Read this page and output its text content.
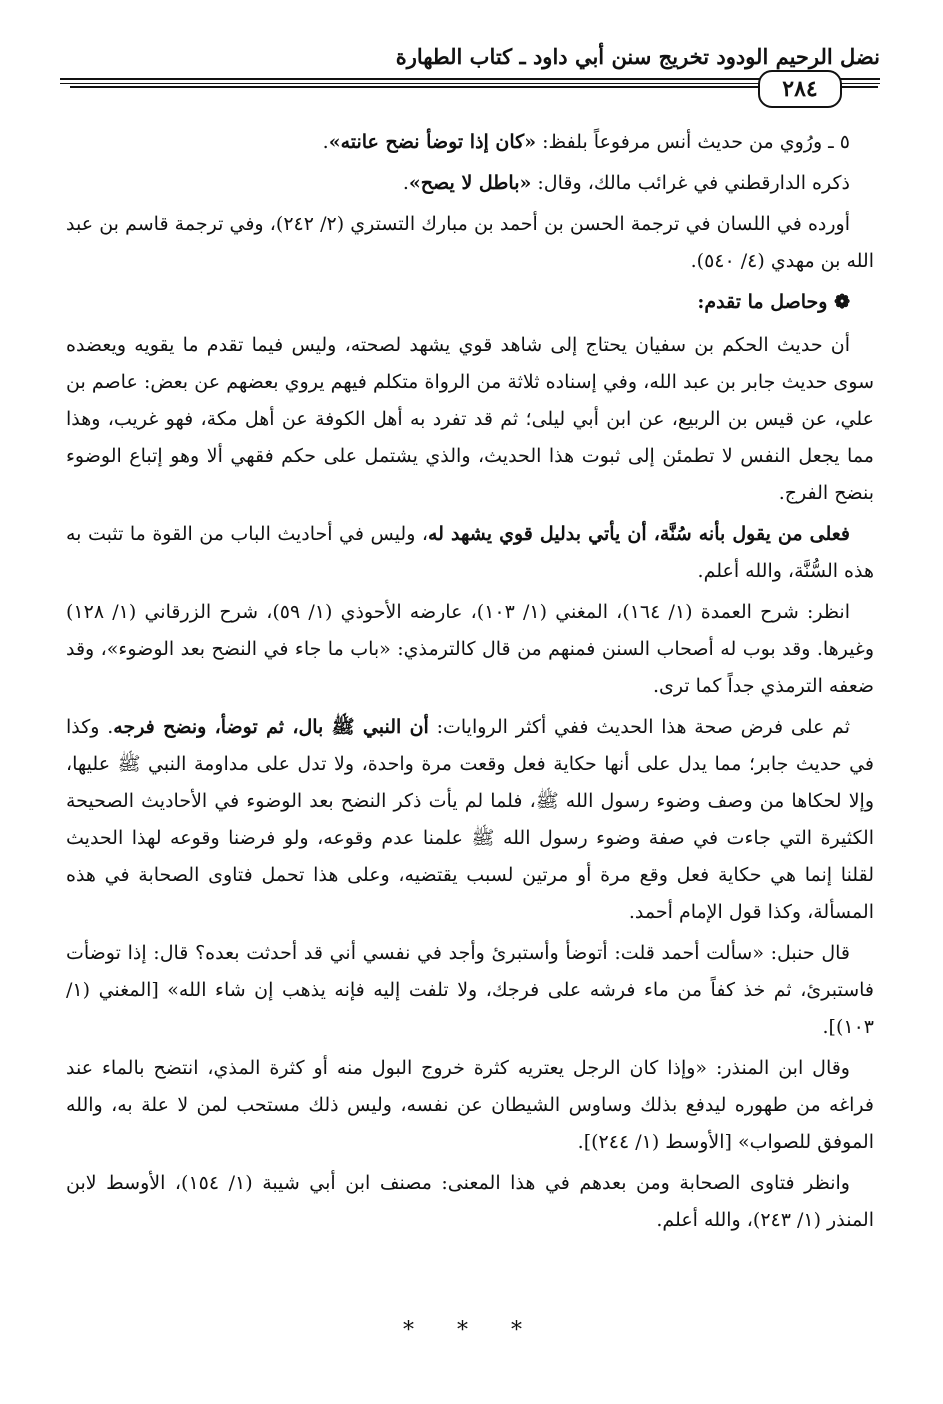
نضل الرحيم الودود تخريج سنن أبي داود ـ كتاب الطهارة
٢٨٤

٥ ـ ورُوي من حديث أنس مرفوعاً بلفظ: «كان إذا توضأ نضح عانته».

ذكره الدارقطني في غرائب مالك، وقال: «باطل لا يصح».

أورده في اللسان في ترجمة الحسن بن أحمد بن مبارك التستري (٢/ ٢٤٢)، وفي ترجمة قاسم بن عبد الله بن مهدي (٤/ ٥٤٠).

❁ وحاصل ما تقدم:

أن حديث الحكم بن سفيان يحتاج إلى شاهد قوي يشهد لصحته، وليس فيما تقدم ما يقويه ويعضده سوى حديث جابر بن عبد الله، وفي إسناده ثلاثة من الرواة متكلم فيهم يروي بعضهم عن بعض: عاصم بن علي، عن قيس بن الربيع، عن ابن أبي ليلى؛ ثم قد تفرد به أهل الكوفة عن أهل مكة، فهو غريب، وهذا مما يجعل النفس لا تطمئن إلى ثبوت هذا الحديث، والذي يشتمل على حكم فقهي ألا وهو إتباع الوضوء بنضح الفرج.

فعلى من يقول بأنه سُنَّة، أن يأتي بدليل قوي يشهد له، وليس في أحاديث الباب من القوة ما تثبت به هذه السُّنَّة، والله أعلم.

انظر: شرح العمدة (١/ ١٦٤)، المغني (١/ ١٠٣)، عارضه الأحوذي (١/ ٥٩)، شرح الزرقاني (١/ ١٢٨) وغيرها. وقد بوب له أصحاب السنن فمنهم من قال كالترمذي: «باب ما جاء في النضح بعد الوضوء»، وقد ضعفه الترمذي جداً كما ترى.

ثم على فرض صحة هذا الحديث ففي أكثر الروايات: أن النبي ﷺ بال، ثم توضأ، ونضح فرجه. وكذا في حديث جابر؛ مما يدل على أنها حكاية فعل وقعت مرة واحدة، ولا تدل على مداومة النبي ﷺ عليها، وإلا لحكاها من وصف وضوء رسول الله ﷺ، فلما لم يأت ذكر النضح بعد الوضوء في الأحاديث الصحيحة الكثيرة التي جاءت في صفة وضوء رسول الله ﷺ علمنا عدم وقوعه، ولو فرضنا وقوعه لهذا الحديث لقلنا إنما هي حكاية فعل وقع مرة أو مرتين لسبب يقتضيه، وعلى هذا تحمل فتاوى الصحابة في هذه المسألة، وكذا قول الإمام أحمد.

قال حنبل: «سألت أحمد قلت: أتوضأ وأستبرئ وأجد في نفسي أني قد أحدثت بعده؟ قال: إذا توضأت فاستبرئ، ثم خذ كفاً من ماء فرشه على فرجك، ولا تلفت إليه فإنه يذهب إن شاء الله» [المغني (١/ ١٠٣)].

وقال ابن المنذر: «وإذا كان الرجل يعتريه كثرة خروج البول منه أو كثرة المذي، انتضح بالماء عند فراغه من طهوره ليدفع بذلك وساوس الشيطان عن نفسه، وليس ذلك مستحب لمن لا علة به، والله الموفق للصواب» [الأوسط (١/ ٢٤٤)].

وانظر فتاوى الصحابة ومن بعدهم في هذا المعنى: مصنف ابن أبي شيبة (١/ ١٥٤)، الأوسط لابن المنذر (١/ ٢٤٣)، والله أعلم.

* * *
